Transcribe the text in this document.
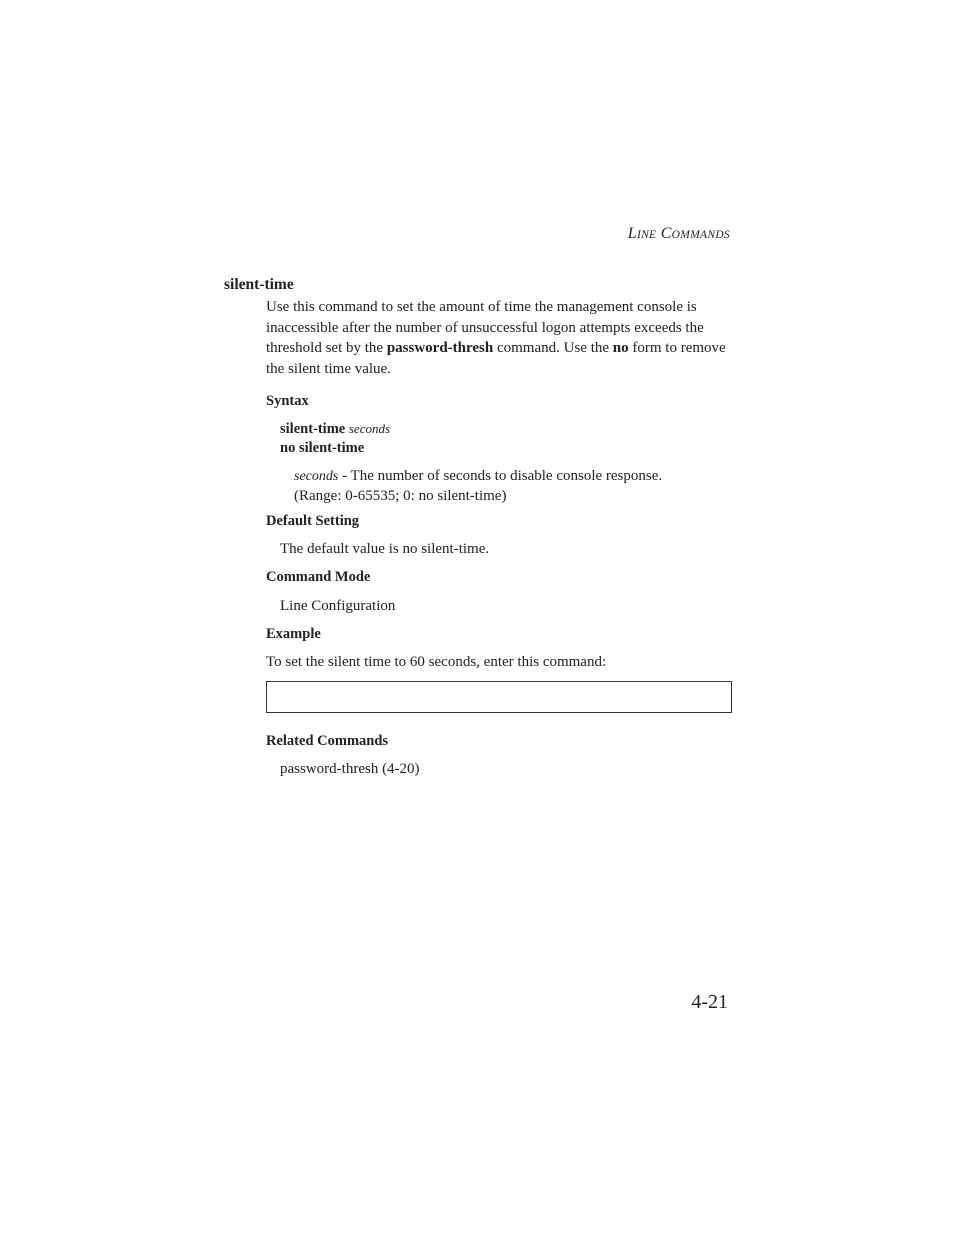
LINE COMMANDS
silent-time
Use this command to set the amount of time the management console is inaccessible after the number of unsuccessful logon attempts exceeds the threshold set by the password-thresh command. Use the no form to remove the silent time value.
Syntax
silent-time seconds
no silent-time
seconds - The number of seconds to disable console response.
(Range: 0-65535; 0: no silent-time)
Default Setting
The default value is no silent-time.
Command Mode
Line Configuration
Example
To set the silent time to 60 seconds, enter this command:
Related Commands
password-thresh (4-20)
4-21
